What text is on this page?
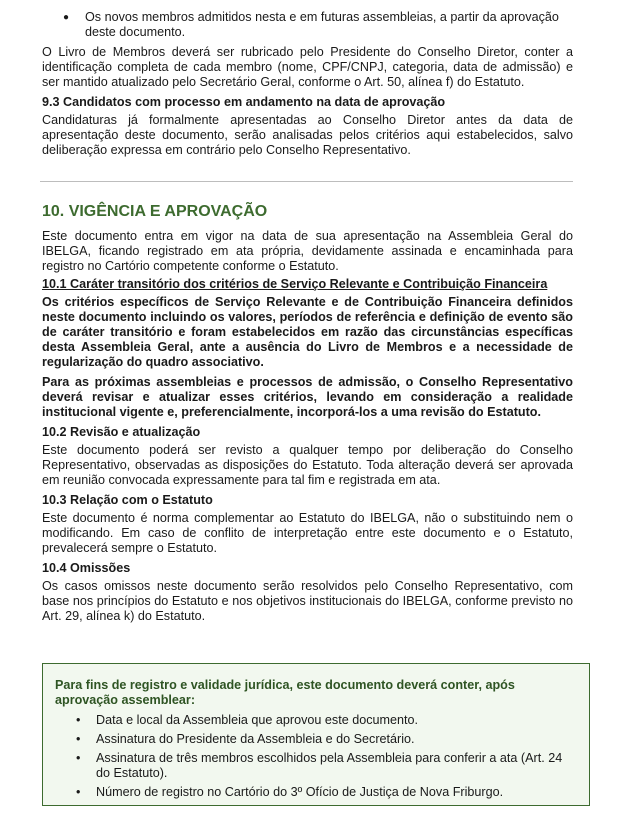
● Os novos membros admitidos nesta e em futuras assembleias, a partir da aprovação deste documento.

O Livro de Membros deverá ser rubricado pelo Presidente do Conselho Diretor, conter a identificação completa de cada membro (nome, CPF/CNPJ, categoria, data de admissão) e ser mantido atualizado pelo Secretário Geral, conforme o Art. 50, alínea f) do Estatuto.

9.3 Candidatos com processo em andamento na data de aprovação

Candidaturas já formalmente apresentadas ao Conselho Diretor antes da data de apresentação deste documento, serão analisadas pelos critérios aqui estabelecidos, salvo deliberação expressa em contrário pelo Conselho Representativo.

10. VIGÊNCIA E APROVAÇÃO

Este documento entra em vigor na data de sua apresentação na Assembleia Geral do IBELGA, ficando registrado em ata própria, devidamente assinada e encaminhada para registro no Cartório competente conforme o Estatuto.

10.1 Caráter transitório dos critérios de Serviço Relevante e Contribuição Financeira

Os critérios específicos de Serviço Relevante e de Contribuição Financeira definidos neste documento incluindo os valores, períodos de referência e definição de evento são de caráter transitório e foram estabelecidos em razão das circunstâncias específicas desta Assembleia Geral, ante a ausência do Livro de Membros e a necessidade de regularização do quadro associativo.

Para as próximas assembleias e processos de admissão, o Conselho Representativo deverá revisar e atualizar esses critérios, levando em consideração a realidade institucional vigente e, preferencialmente, incorporá-los a uma revisão do Estatuto.

10.2 Revisão e atualização

Este documento poderá ser revisto a qualquer tempo por deliberação do Conselho Representativo, observadas as disposições do Estatuto. Toda alteração deverá ser aprovada em reunião convocada expressamente para tal fim e registrada em ata.

10.3 Relação com o Estatuto

Este documento é norma complementar ao Estatuto do IBELGA, não o substituindo nem o modificando. Em caso de conflito de interpretação entre este documento e o Estatuto, prevalecerá sempre o Estatuto.

10.4 Omissões

Os casos omissos neste documento serão resolvidos pelo Conselho Representativo, com base nos princípios do Estatuto e nos objetivos institucionais do IBELGA, conforme previsto no Art. 29, alínea k) do Estatuto.

Para fins de registro e validade jurídica, este documento deverá conter, após aprovação assemblear:
• Data e local da Assembleia que aprovou este documento.
• Assinatura do Presidente da Assembleia e do Secretário.
• Assinatura de três membros escolhidos pela Assembleia para conferir a ata (Art. 24 do Estatuto).
• Número de registro no Cartório do 3º Ofício de Justiça de Nova Friburgo.
